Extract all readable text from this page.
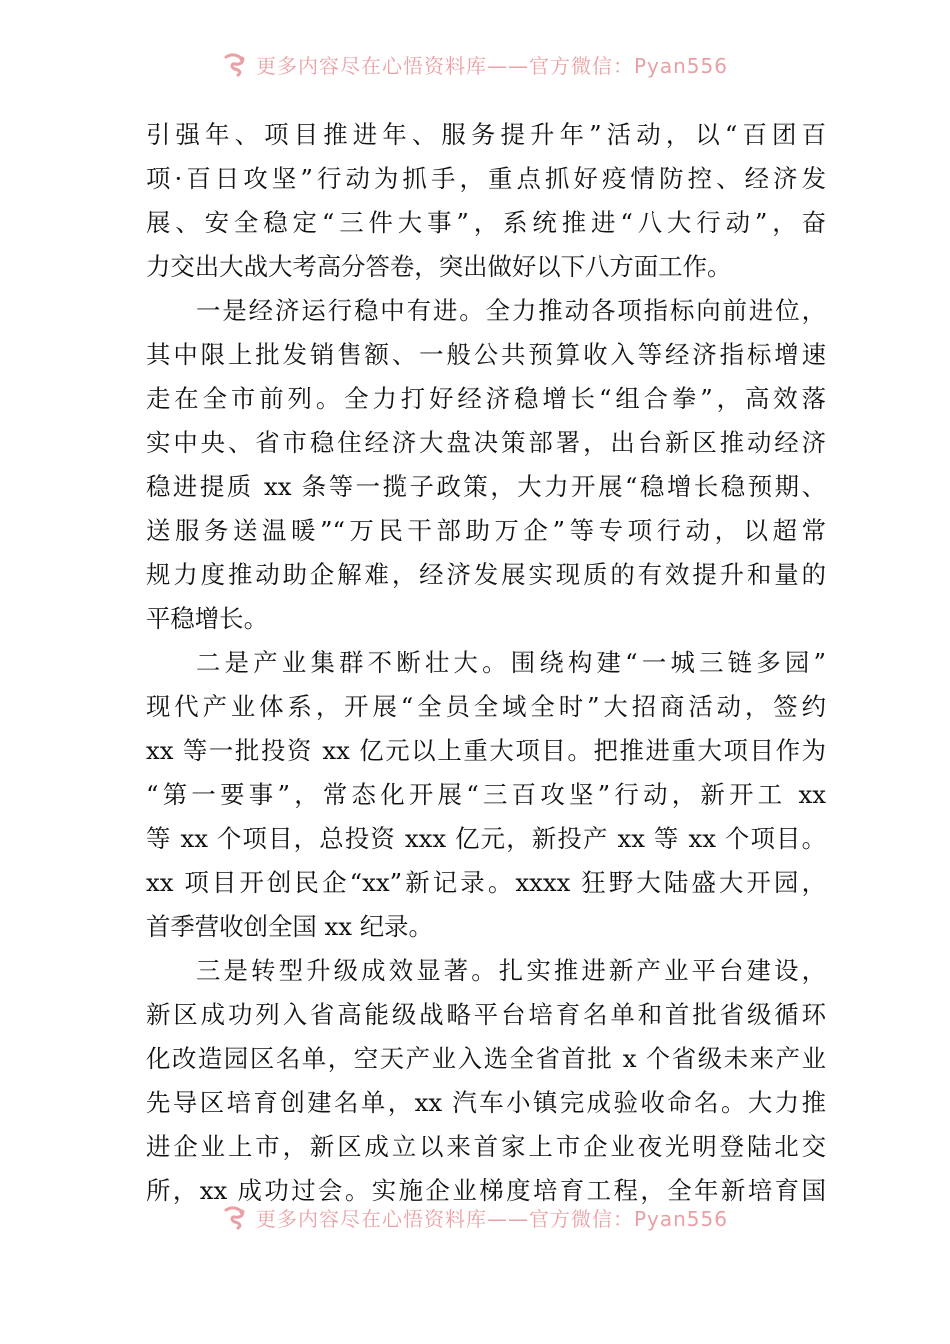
更多内容尽在心悟资料库——官方微信：Pyan556
引强年、项目推进年、服务提升年”活动，以“百团百
项·百日攻坚”行动为抓手，重点抓好疫情防控、经济发
展、安全稳定“三件大事”，系统推进“八大行动”，奋
力交出大战大考高分答卷，突出做好以下八方面工作。
一是经济运行稳中有进。全力推动各项指标向前进位，
其中限上批发销售额、一般公共预算收入等经济指标增速
走在全市前列。全力打好经济稳增长“组合拳”，高效落
实中央、省市稳住经济大盘决策部署，出台新区推动经济
稳进提质 xx 条等一揽子政策，大力开展“稳增长稳预期、
送服务送温暖”“万民干部助万企”等专项行动，以超常
规力度推动助企解难，经济发展实现质的有效提升和量的
平稳增长。
二是产业集群不断壮大。围绕构建“一城三链多园”
现代产业体系，开展“全员全域全时”大招商活动，签约
xx 等一批投资 xx 亿元以上重大项目。把推进重大项目作为
“第一要事”，常态化开展“三百攻坚”行动，新开工 xx
等 xx 个项目，总投资 xxx 亿元，新投产 xx 等 xx 个项目。
xx 项目开创民企“xx”新记录。xxxx 狂野大陆盛大开园，
首季营收创全国 xx 纪录。
三是转型升级成效显著。扎实推进新产业平台建设，
新区成功列入省高能级战略平台培育名单和首批省级循环
化改造园区名单，空天产业入选全省首批 x 个省级未来产业
先导区培育创建名单，xx 汽车小镇完成验收命名。大力推
进企业上市，新区成立以来首家上市企业夜光明登陆北交
所，xx 成功过会。实施企业梯度培育工程，全年新培育国
更多内容尽在心悟资料库——官方微信：Pyan556
